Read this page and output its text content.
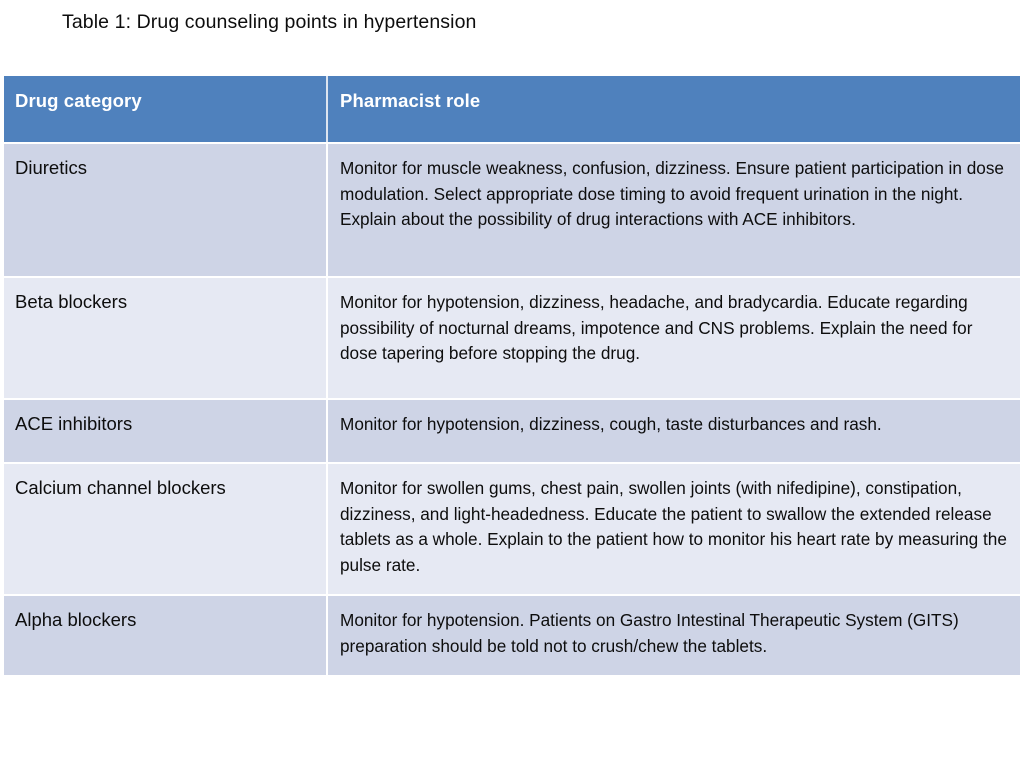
Table 1: Drug counseling points in hypertension
Drug category	Pharmacist role
Diuretics	Monitor for muscle weakness, confusion, dizziness. Ensure patient participation in dose modulation. Select appropriate dose timing to avoid frequent urination in the night. Explain about the possibility of drug interactions with ACE inhibitors.
Beta blockers	Monitor for hypotension, dizziness, headache, and bradycardia. Educate regarding possibility of nocturnal dreams, impotence and CNS problems. Explain the need for dose tapering before stopping the drug.
ACE inhibitors	Monitor for hypotension, dizziness, cough, taste disturbances and rash.
Calcium channel blockers	Monitor for swollen gums, chest pain, swollen joints (with nifedipine), constipation, dizziness, and light-headedness. Educate the patient to swallow the extended release tablets as a whole. Explain to the patient how to monitor his heart rate by measuring the pulse rate.
Alpha blockers	Monitor for hypotension. Patients on Gastro Intestinal Therapeutic System (GITS) preparation should be told not to crush/chew the tablets.
